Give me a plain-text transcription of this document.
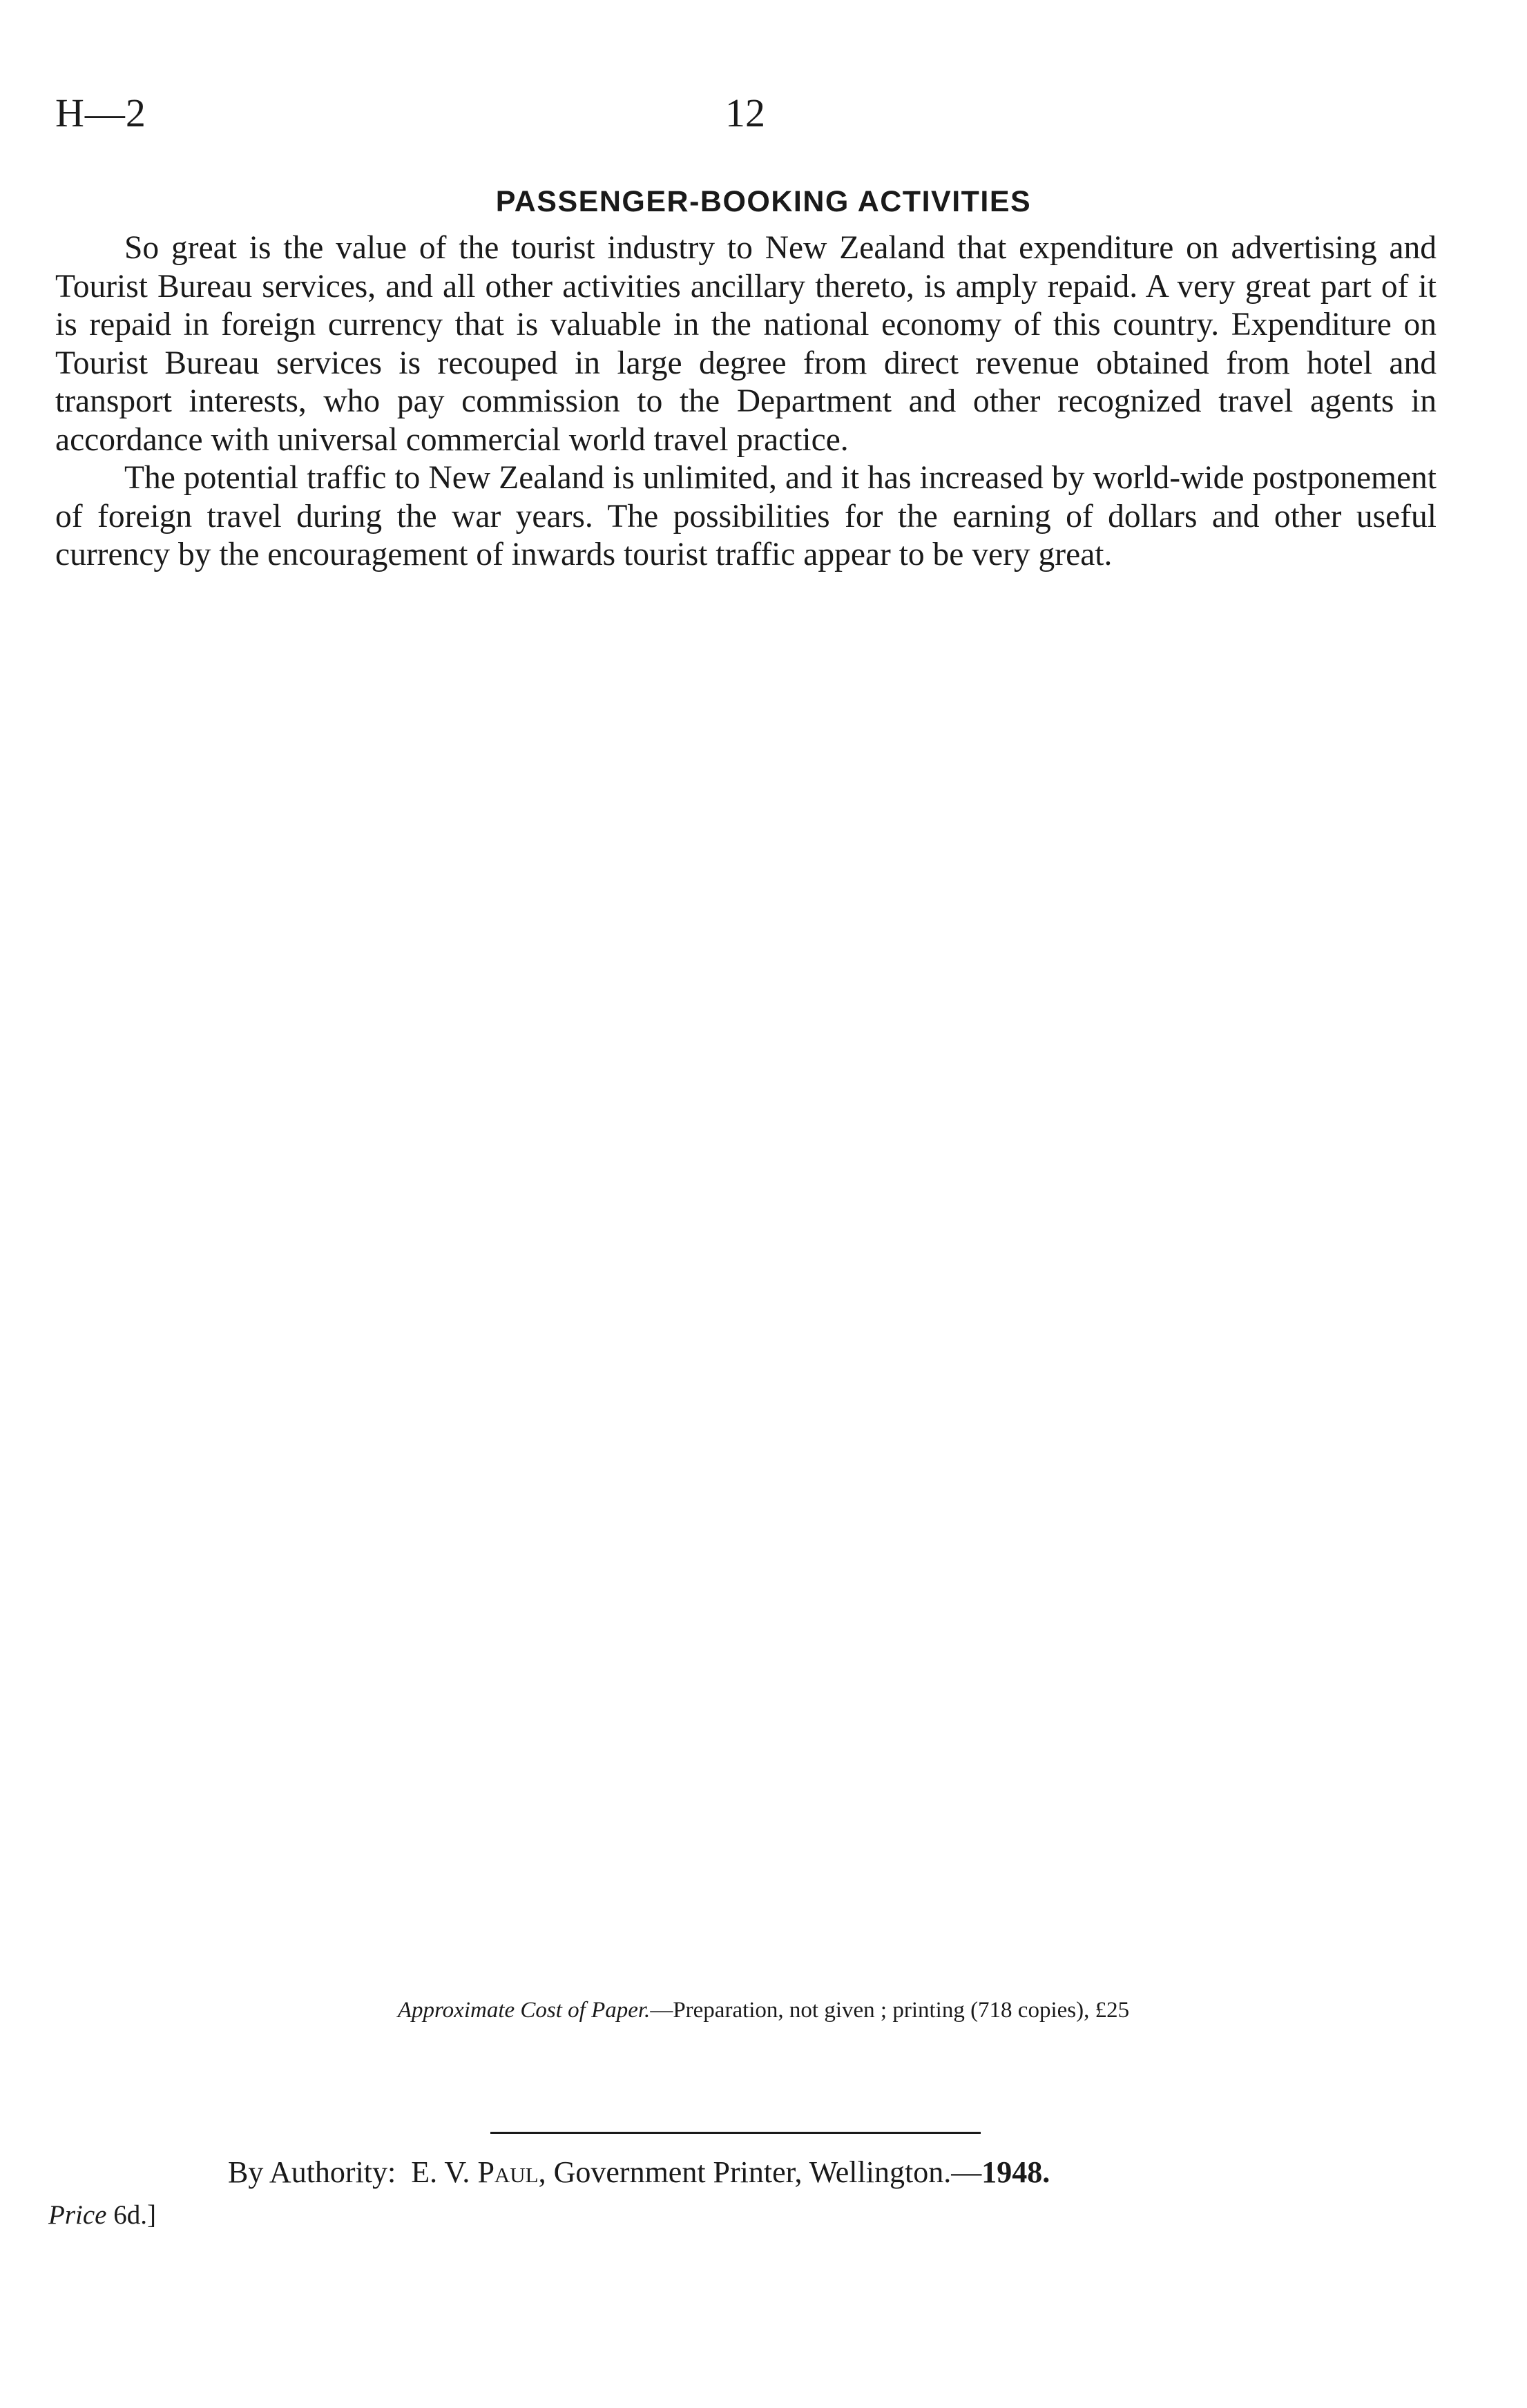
H—2	12
PASSENGER-BOOKING ACTIVITIES

So great is the value of the tourist industry to New Zealand that expenditure on advertising and Tourist Bureau services, and all other activities ancillary thereto, is amply repaid. A very great part of it is repaid in foreign currency that is valuable in the national economy of this country. Expenditure on Tourist Bureau services is recouped in large degree from direct revenue obtained from hotel and transport interests, who pay commission to the Department and other recognized travel agents in accordance with universal commercial world travel practice.

The potential traffic to New Zealand is unlimited, and it has increased by world-wide postponement of foreign travel during the war years. The possibilities for the earning of dollars and other useful currency by the encouragement of inwards tourist traffic appear to be very great.

Approximate Cost of Paper.—Preparation, not given ; printing (718 copies), £25
By Authority: E. V. Paul, Government Printer, Wellington.—1948.
Price 6d.]
